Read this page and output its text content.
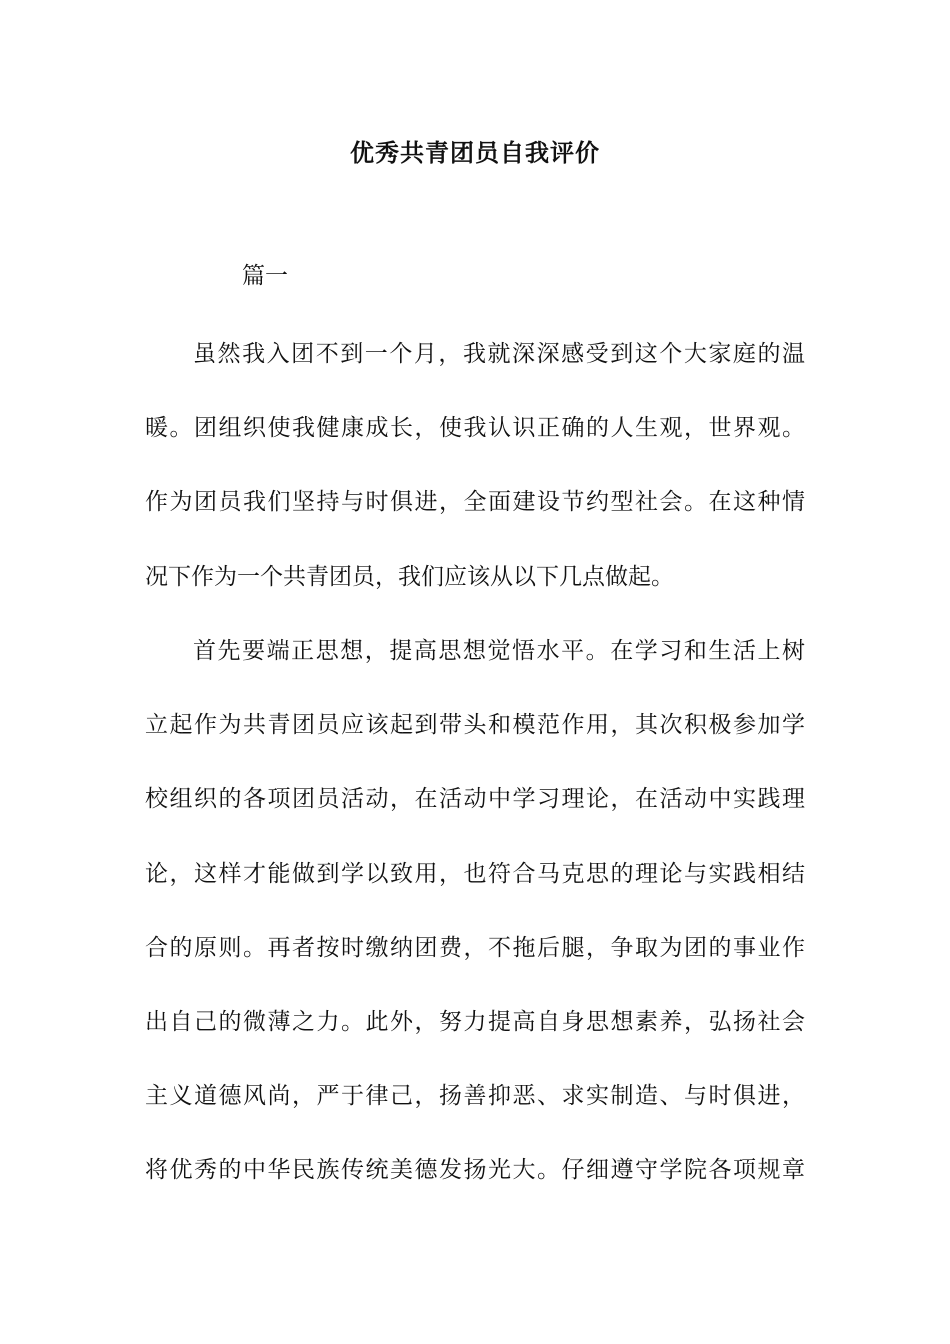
优秀共青团员自我评价

篇一

虽然我入团不到一个月，我就深深感受到这个大家庭的温
暖。团组织使我健康成长，使我认识正确的人生观，世界观。
作为团员我们坚持与时俱进，全面建设节约型社会。在这种情
况下作为一个共青团员，我们应该从以下几点做起。
首先要端正思想，提高思想觉悟水平。在学习和生活上树
立起作为共青团员应该起到带头和模范作用，其次积极参加学
校组织的各项团员活动，在活动中学习理论，在活动中实践理
论，这样才能做到学以致用，也符合马克思的理论与实践相结
合的原则。再者按时缴纳团费，不拖后腿，争取为团的事业作
出自己的微薄之力。此外，努力提高自身思想素养，弘扬社会
主义道德风尚，严于律己，扬善抑恶、求实制造、与时俱进，
将优秀的中华民族传统美德发扬光大。仔细遵守学院各项规章
